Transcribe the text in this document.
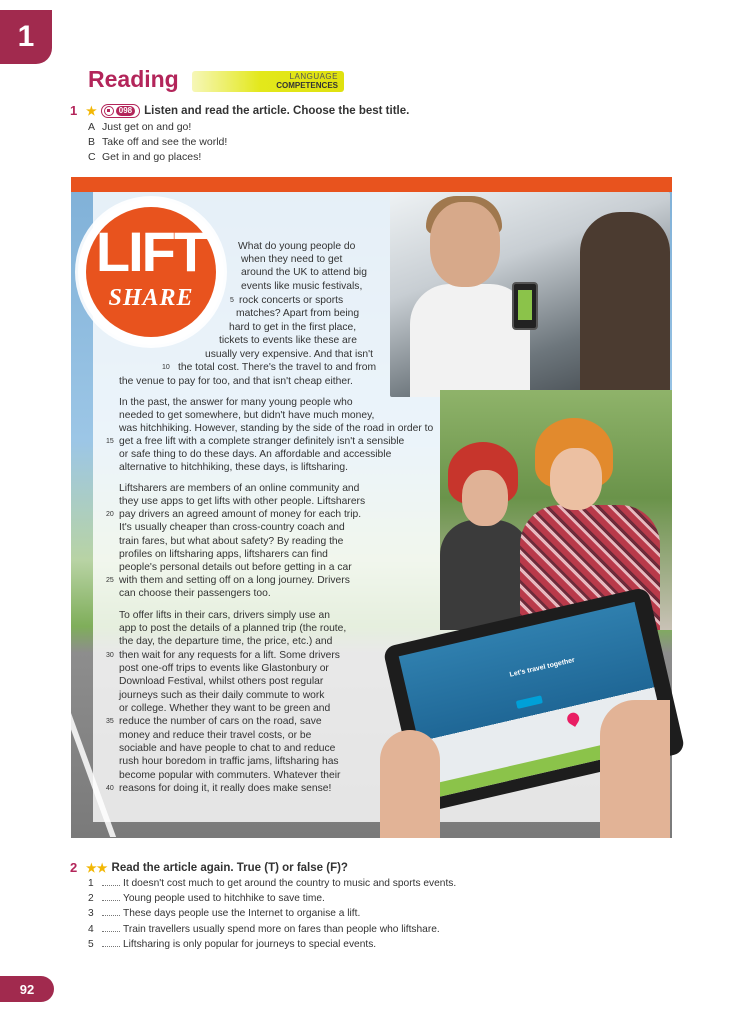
1
Reading	LANGUAGE
COMPETENCES
1 ★	098 Listen and read the article. Choose the best title.
A Just get on and go!
B Take off and see the world!
C Get in and go places!
Let's travel together
LIFT
SHARE
What do young people do
when they need to get
around the UK to attend big
events like music festivals,
rock concerts or sports
matches? Apart from being
hard to get in the first place,
tickets to events like these are
usually very expensive. And that isn't
the total cost. There's the travel to and from
the venue to pay for too, and that isn't cheap either.
In the past, the answer for many young people who
needed to get somewhere, but didn't have much money,
was hitchhiking. However, standing by the side of the road in order to
get a free lift with a complete stranger definitely isn't a sensible
or safe thing to do these days. An affordable and accessible
alternative to hitchhiking, these days, is liftsharing.
Liftsharers are members of an online community and
they use apps to get lifts with other people. Liftsharers
pay drivers an agreed amount of money for each trip.
It's usually cheaper than cross-country coach and
train fares, but what about safety? By reading the
profiles on liftsharing apps, liftsharers can find
people's personal details out before getting in a car
with them and setting off on a long journey. Drivers
can choose their passengers too.
To offer lifts in their cars, drivers simply use an
app to post the details of a planned trip (the route,
the day, the departure time, the price, etc.) and
then wait for any requests for a lift. Some drivers
post one-off trips to events like Glastonbury or
Download Festival, whilst others post regular
journeys such as their daily commute to work
or college. Whether they want to be green and
reduce the number of cars on the road, save
money and reduce their travel costs, or be
sociable and have people to chat to and reduce
rush hour boredom in traffic jams, liftsharing has
become popular with commuters. Whatever their
reasons for doing it, it really does make sense!
5
10
15
20
25
30
35
40
2 ★★ Read the article again. True (T) or false (F)?
1	It doesn't cost much to get around the country to music and sports events.
2	Young people used to hitchhike to save time.
3	These days people use the Internet to organise a lift.
4	Train travellers usually spend more on fares than people who liftshare.
5	Liftsharing is only popular for journeys to special events.
92
